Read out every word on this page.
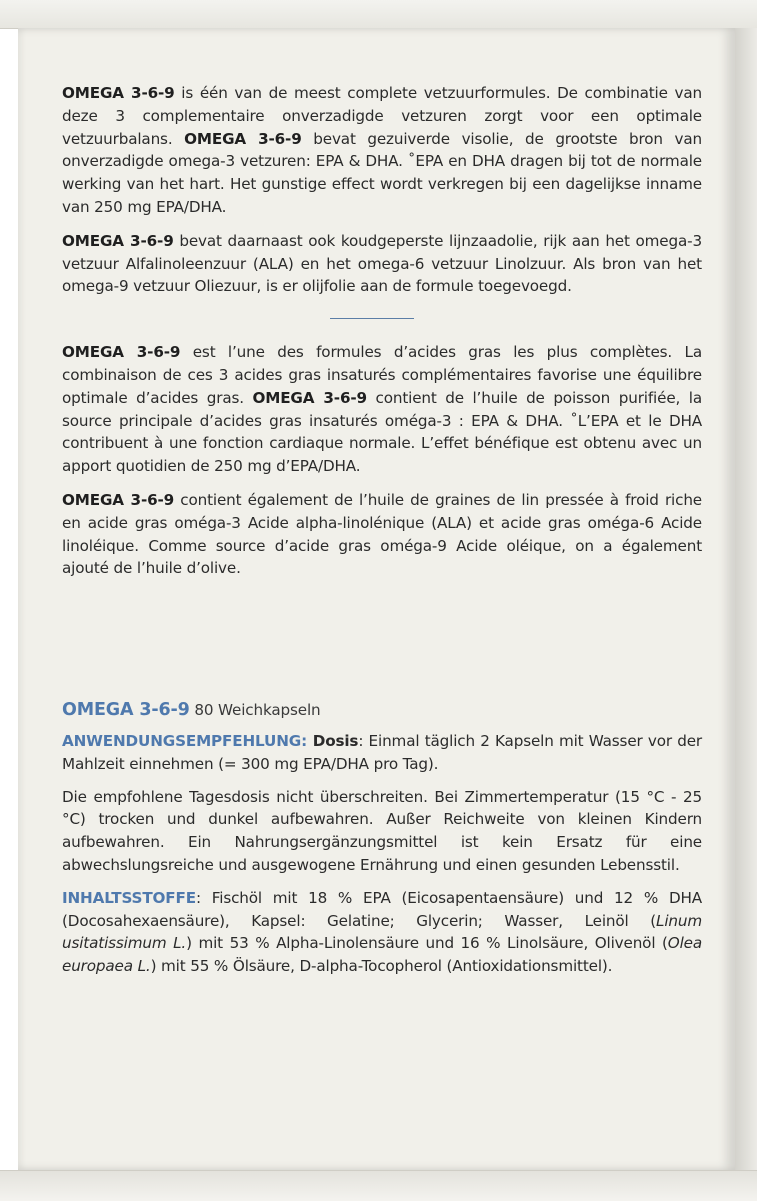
OMEGA 3-6-9 is één van de meest complete vetzuurformules. De combinatie van deze 3 complementaire onverzadigde vetzuren zorgt voor een optimale vetzuurbalans. OMEGA 3-6-9 bevat gezuiverde visolie, de grootste bron van onverzadigde omega-3 vetzuren: EPA & DHA. ˚EPA en DHA dragen bij tot de normale werking van het hart. Het gunstige effect wordt verkregen bij een dagelijkse inname van 250 mg EPA/DHA.

OMEGA 3-6-9 bevat daarnaast ook koudgeperste lijnzaadolie, rijk aan het omega-3 vetzuur Alfalinoleenzuur (ALA) en het omega-6 vetzuur Linolzuur. Als bron van het omega-9 vetzuur Oliezuur, is er olijfolie aan de formule toegevoegd.

OMEGA 3-6-9 est l’une des formules d’acides gras les plus complètes. La combinaison de ces 3 acides gras insaturés complémentaires favorise une équilibre optimale d’acides gras. OMEGA 3-6-9 contient de l’huile de poisson purifiée, la source principale d’acides gras insaturés oméga-3 : EPA & DHA. ˚L’EPA et le DHA contribuent à une fonction cardiaque normale. L’effet bénéfique est obtenu avec un apport quotidien de 250 mg d’EPA/DHA.

OMEGA 3-6-9 contient également de l’huile de graines de lin pressée à froid riche en acide gras oméga-3 Acide alpha-linolénique (ALA) et acide gras oméga-6 Acide linoléique. Comme source d’acide gras oméga-9 Acide oléique, on a également ajouté de l’huile d’olive.

OMEGA 3-6-9 80 Weichkapseln

ANWENDUNGSEMPFEHLUNG: Dosis: Einmal täglich 2 Kapseln mit Wasser vor der Mahlzeit einnehmen (= 300 mg EPA/DHA pro Tag).

Die empfohlene Tagesdosis nicht überschreiten. Bei Zimmertemperatur (15 °C - 25 °C) trocken und dunkel aufbewahren. Außer Reichweite von kleinen Kindern aufbewahren. Ein Nahrungsergänzungsmittel ist kein Ersatz für eine abwechslungsreiche und ausgewogene Ernährung und einen gesunden Lebensstil.

INHALTSSTOFFE: Fischöl mit 18 % EPA (Eicosapentaensäure) und 12 % DHA (Docosahexaensäure), Kapsel: Gelatine; Glycerin; Wasser, Leinöl (Linum usitatissimum L.) mit 53 % Alpha-Linolensäure und 16 % Linolsäure, Olivenöl (Olea europaea L.) mit 55 % Ölsäure, D-alpha-Tocopherol (Antioxidationsmittel).
